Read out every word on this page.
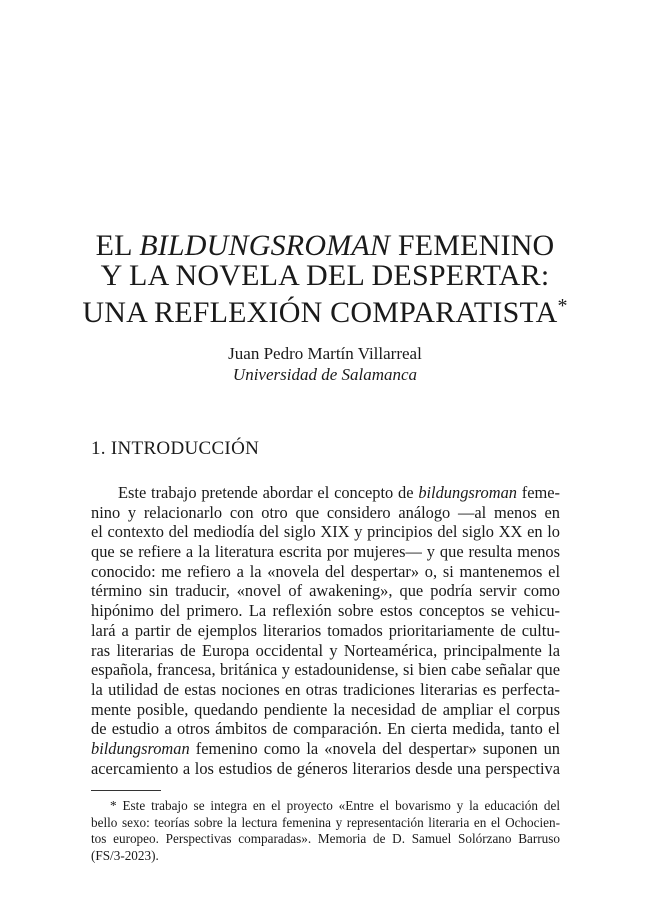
EL BILDUNGSROMAN FEMENINO
Y LA NOVELA DEL DESPERTAR:
UNA REFLEXIÓN COMPARATISTA*
Juan Pedro Martín Villarreal
Universidad de Salamanca
1. INTRODUCCIÓN
Este trabajo pretende abordar el concepto de bildungsroman feme-
nino y relacionarlo con otro que considero análogo —al menos en
el contexto del mediodía del siglo XIX y principios del siglo XX en lo
que se refiere a la literatura escrita por mujeres— y que resulta menos
conocido: me refiero a la «novela del despertar» o, si mantenemos el
término sin traducir, «novel of awakening», que podría servir como
hipónimo del primero. La reflexión sobre estos conceptos se vehicu-
lará a partir de ejemplos literarios tomados prioritariamente de cultu-
ras literarias de Europa occidental y Norteamérica, principalmente la
española, francesa, británica y estadounidense, si bien cabe señalar que
la utilidad de estas nociones en otras tradiciones literarias es perfecta-
mente posible, quedando pendiente la necesidad de ampliar el corpus
de estudio a otros ámbitos de comparación. En cierta medida, tanto el
bildungsroman femenino como la «novela del despertar» suponen un
acercamiento a los estudios de géneros literarios desde una perspectiva
* Este trabajo se integra en el proyecto «Entre el bovarismo y la educación del
bello sexo: teorías sobre la lectura femenina y representación literaria en el Ochocien-
tos europeo. Perspectivas comparadas». Memoria de D. Samuel Solórzano Barruso
(FS/3-2023).
